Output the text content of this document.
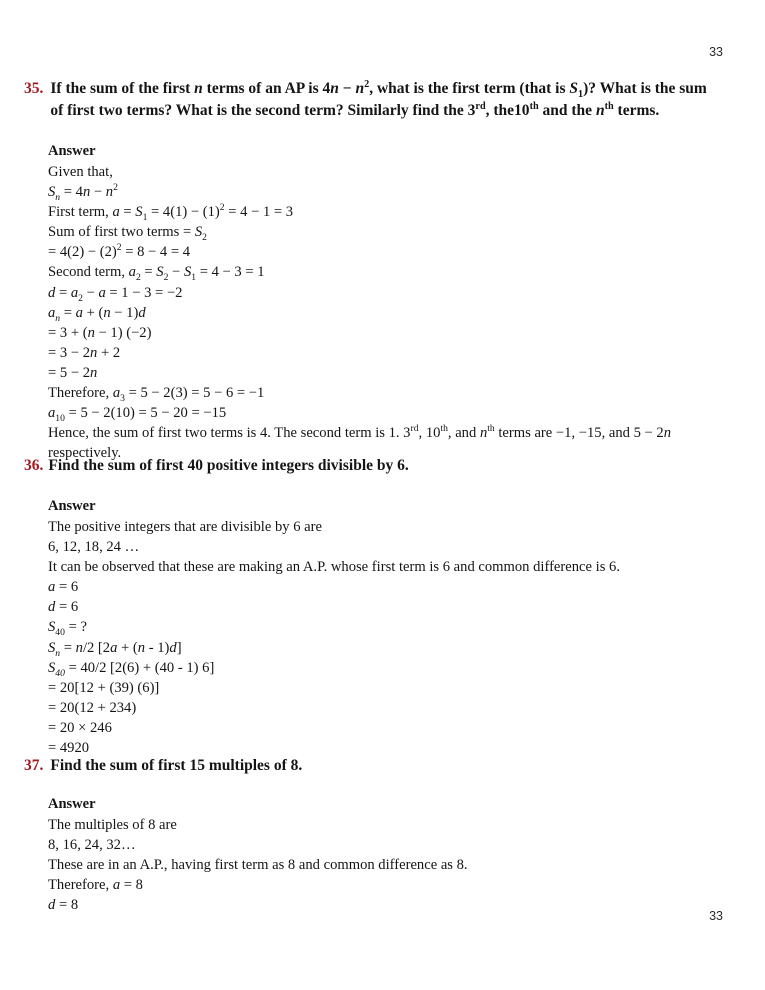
33
35. If the sum of the first n terms of an AP is $4n - n^2$, what is the first term (that is $S_1$)? What is the sum of first two terms? What is the second term? Similarly find the 3rd, the10th and the $n^{th}$ terms.
Answer
Given that,
$S_n = 4n - n^2$
First term, $a = S_1 = 4(1) - (1)^2 = 4 - 1 = 3$
Sum of first two terms = $S_2$
= $4(2) - (2)^2 = 8 - 4 = 4$
Second term, $a_2 = S_2 - S_1 = 4 - 3 = 1$
$d = a_2 - a = 1 - 3 = -2$
$a_n = a + (n - 1)d$
= 3 + (n − 1) (−2)
= 3 − 2n + 2
= 5 − 2n
Therefore, $a_3 = 5 - 2(3) = 5 - 6 = -1$
$a_{10} = 5 - 2(10) = 5 - 20 = -15$
Hence, the sum of first two terms is 4. The second term is 1. 3rd, 10th, and $n^{th}$ terms are −1, −15, and 5 − 2n respectively.
36. Find the sum of first 40 positive integers divisible by 6.
Answer
The positive integers that are divisible by 6 are
6, 12, 18, 24 …
It can be observed that these are making an A.P. whose first term is 6 and common difference is 6.
a = 6
d = 6
$S_{40}$ = ?
$S_n = n/2$ [2a + (n - 1)d]
$S_{40} = 40/2$ [2(6) + (40 - 1) 6]
= 20[12 + (39) (6)]
= 20(12 + 234)
= 20 × 246
= 4920
37. Find the sum of first 15 multiples of 8.
Answer
The multiples of 8 are
8, 16, 24, 32…
These are in an A.P., having first term as 8 and common difference as 8.
Therefore, a = 8
d = 8
33
